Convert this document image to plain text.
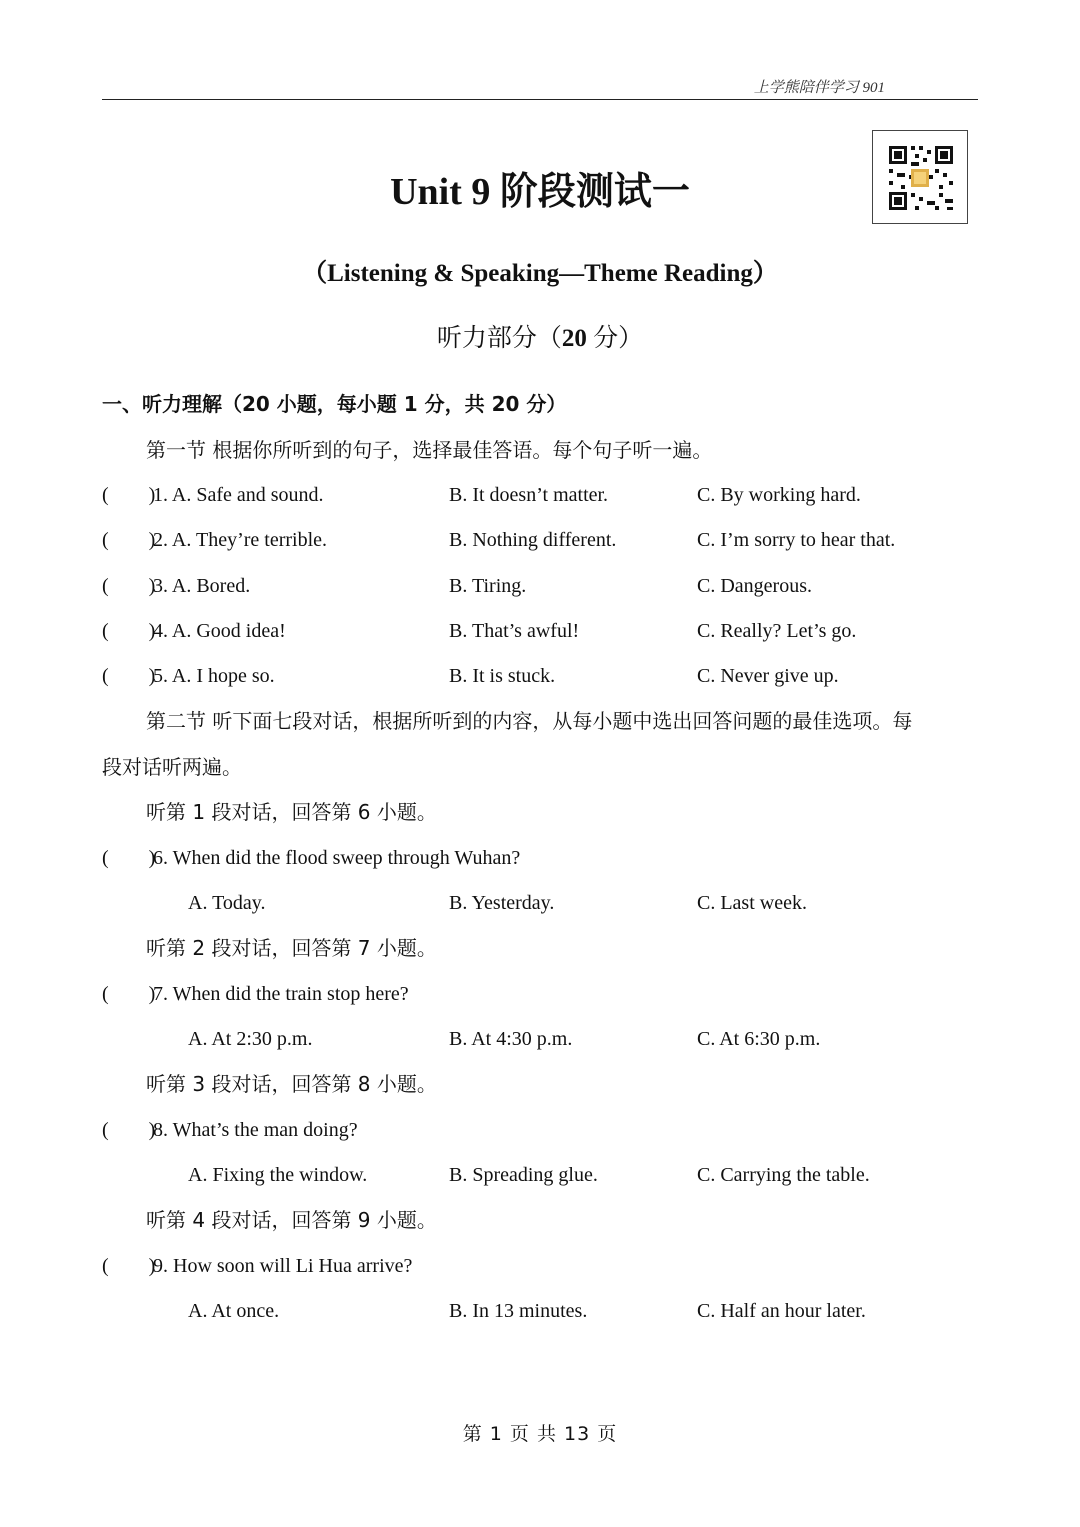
上学熊陪伴学习 901
Unit 9 阶段测试一
（Listening & Speaking—Theme Reading）
听力部分（20 分）
一、听力理解（20 小题，每小题 1 分，共 20 分）
第一节 根据你所听到的句子，选择最佳答语。每个句子听一遍。
(        )
1. A. Safe and sound.	B. It doesn’t matter.	C. By working hard.
(        )
2. A. They’re terrible.	B. Nothing different.	C. I’m sorry to hear that.
(        )
3. A. Bored.	B. Tiring.	C. Dangerous.
(        )
4. A. Good idea!	B. That’s awful!	C. Really? Let’s go.
(        )
5. A. I hope so.	B. It is stuck.	C. Never give up.
第二节 听下面七段对话，根据所听到的内容，从每小题中选出回答问题的最佳选项。每
段对话听两遍。
听第 1 段对话，回答第 6 小题。
(        )
6. When did the flood sweep through Wuhan?
A. Today.	B. Yesterday.	C. Last week.
听第 2 段对话，回答第 7 小题。
(        )
7. When did the train stop here?
A. At 2:30 p.m.	B. At 4:30 p.m.	C. At 6:30 p.m.
听第 3 段对话，回答第 8 小题。
(        )
8. What’s the man doing?
A. Fixing the window.	B. Spreading glue.	C. Carrying the table.
听第 4 段对话，回答第 9 小题。
(        )
9. How soon will Li Hua arrive?
A. At once.	B. In 13 minutes.	C. Half an hour later.
第 1 页 共 13 页
